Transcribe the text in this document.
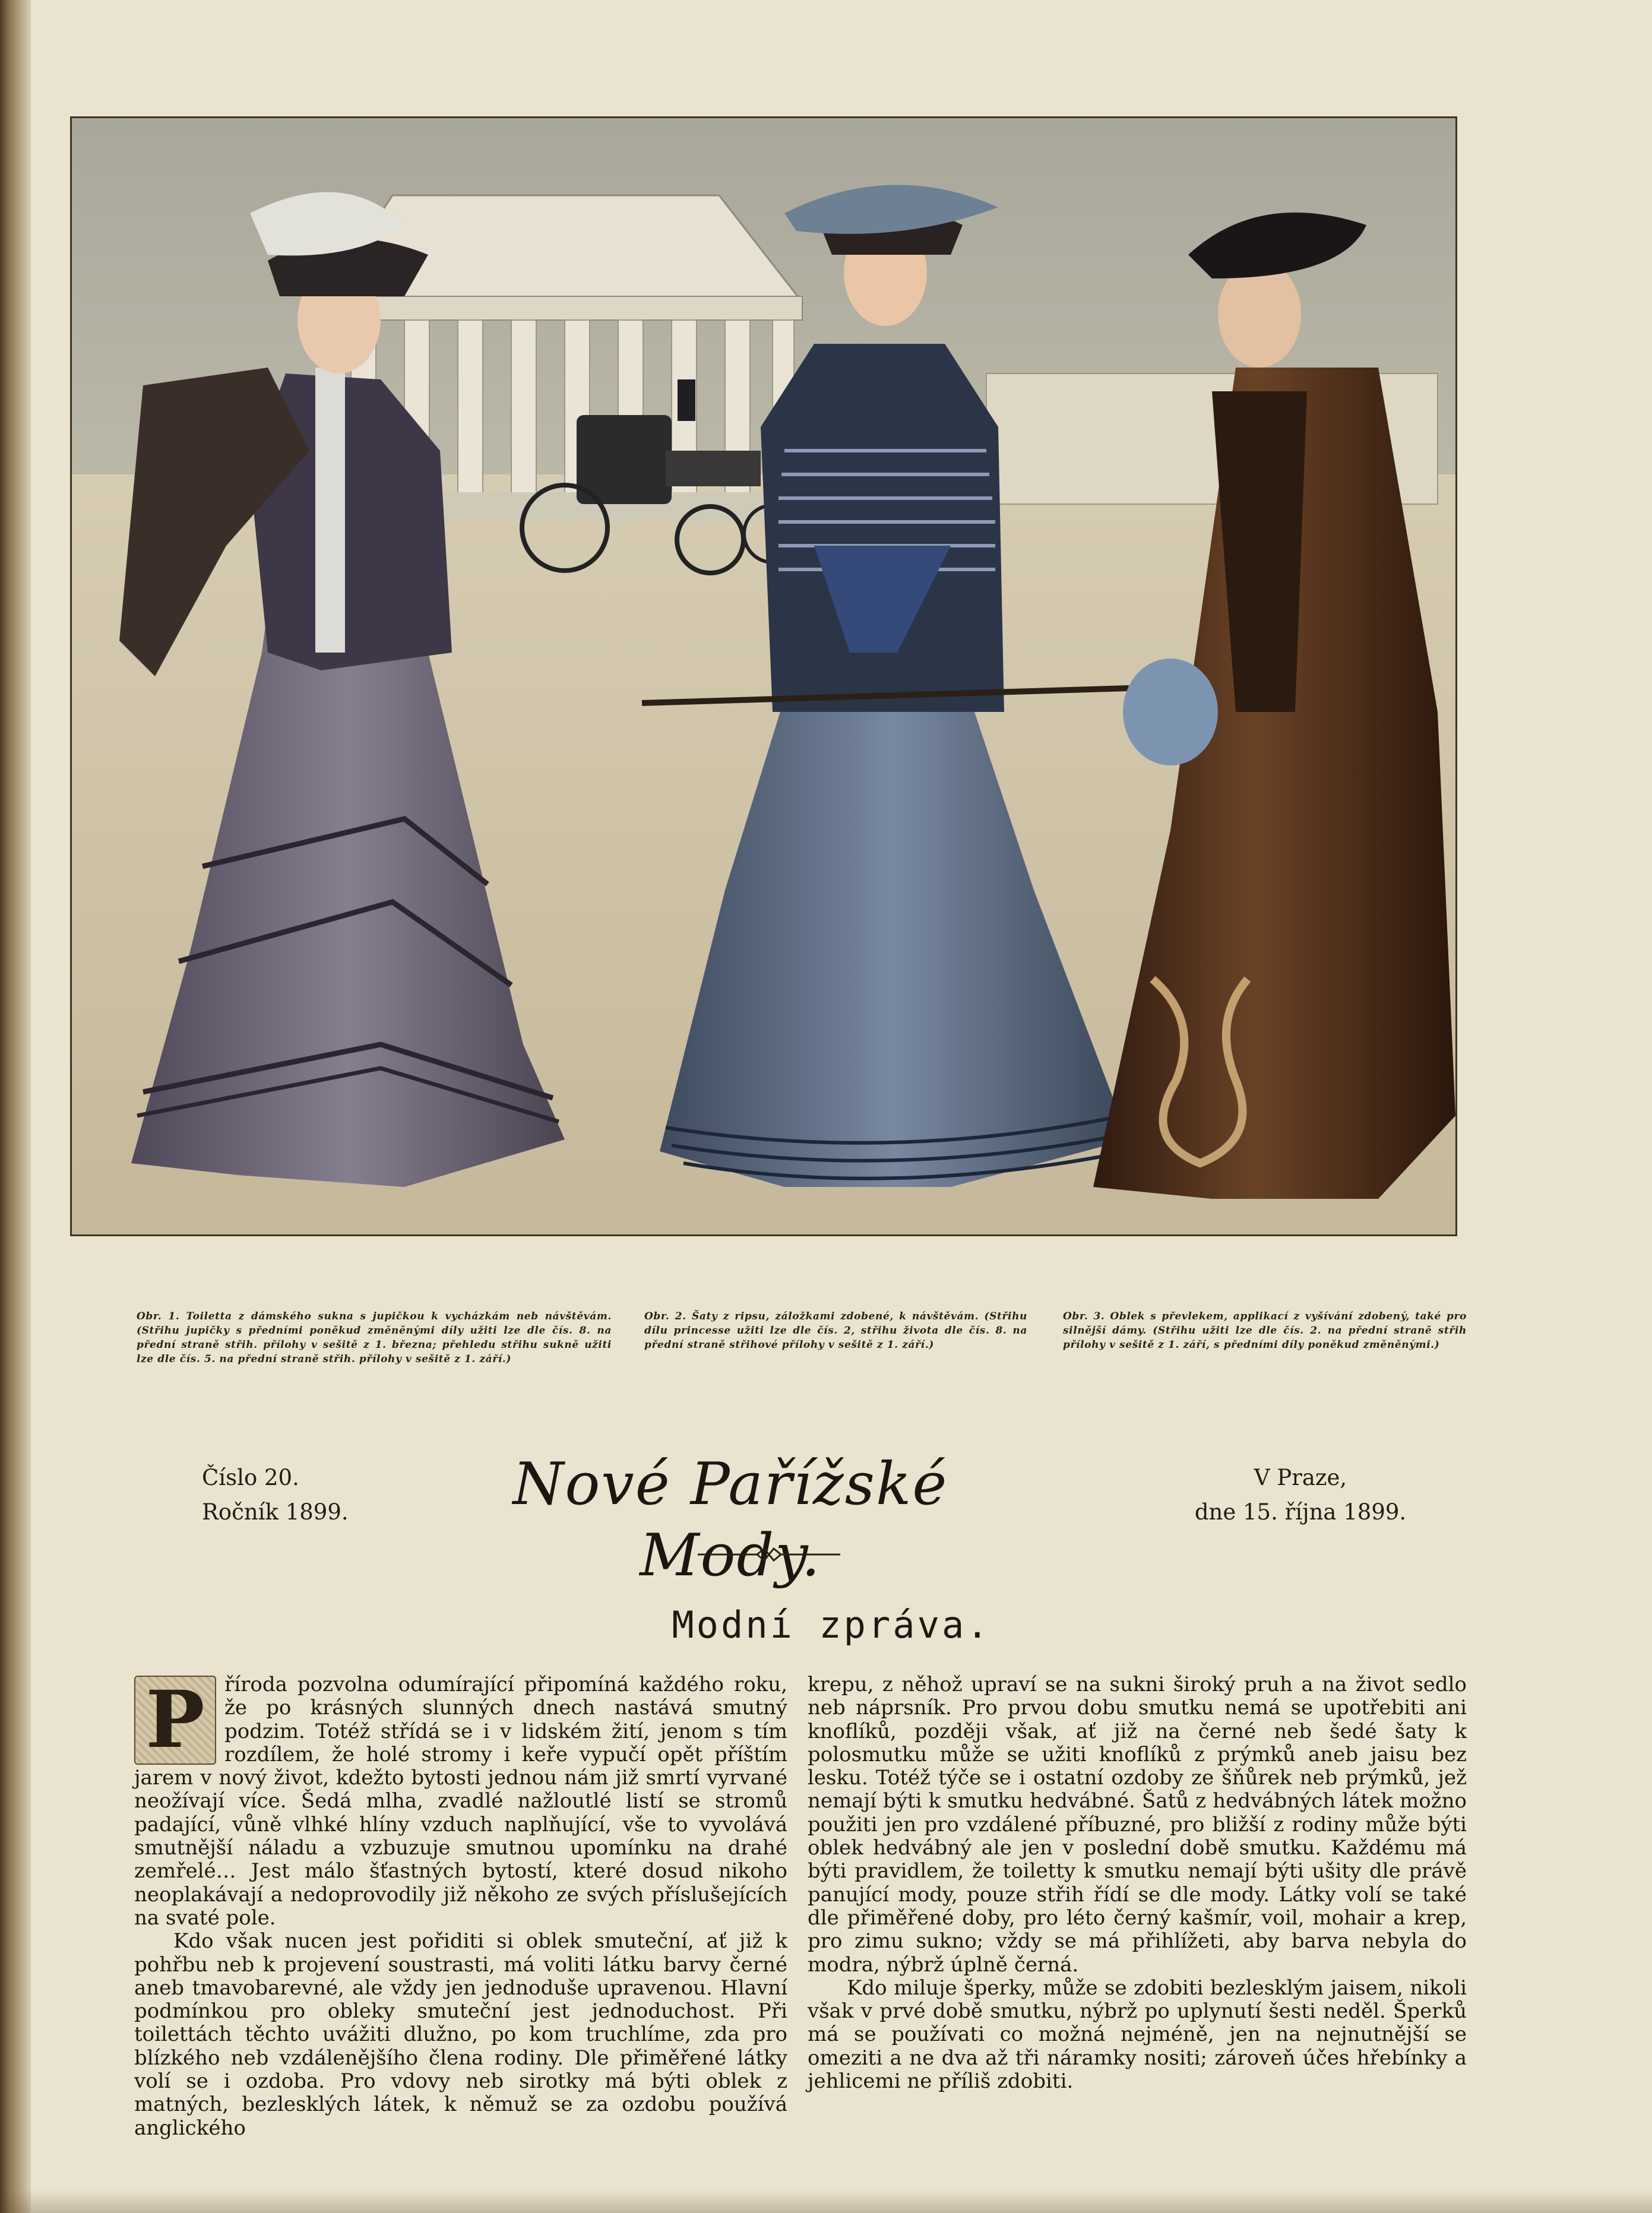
Obr. 1. Toiletta z dámského sukna s jupičkou k vycházkám neb návštěvám. (Střihu jupičky s předními poněkud změněnými díly užiti lze dle čís. 8. na přední straně střih. přílohy v sešitě z 1. března; přehledu střihu sukně užiti lze dle čís. 5. na přední straně střih. přílohy v sešitě z 1. září.)
Obr. 2. Šaty z ripsu, záložkami zdobené, k návštěvám. (Střihu dílu princesse užiti lze dle čís. 2, střihu života dle čís. 8. na přední straně střihové přílohy v sešitě z 1. září.)
Obr. 3. Oblek s převlekem, applikací z vyšívání zdobený, také pro silnější dámy. (Střihu užiti lze dle čís. 2. na přední straně střih přílohy v sešitě z 1. září, s předními díly poněkud změněnými.)
Číslo 20.
Ročník 1899.	Nové Pařížské Mody.
V Praze,
dne 15. října 1899.
Modní zpráva.

P říroda pozvolna odumírající připomíná každého roku, že po krásných slunných dnech nastává smutný podzim. Totéž střídá se i v lidském žití, jenom s tím rozdílem, že holé stromy i keře vypučí opět příštím jarem v nový život, kdežto bytosti jednou nám již smrtí vyrvané neožívají více. Šedá mlha, zvadlé nažloutlé listí se stromů padající, vůně vlhké hlíny vzduch naplňující, vše to vyvolává smutnější náladu a vzbuzuje smutnou upomínku na drahé zemřelé… Jest málo šťastných bytostí, které dosud nikoho neoplakávají a nedoprovodily již někoho ze svých příslušejících na svaté pole.

Kdo však nucen jest pořiditi si oblek smuteční, ať již k pohřbu neb k projevení soustrasti, má voliti látku barvy černé aneb tmavobarevné, ale vždy jen jednoduše upravenou. Hlavní podmínkou pro obleky smuteční jest jednoduchost. Při toilettách těchto uvážiti dlužno, po kom truchlíme, zda pro blízkého neb vzdálenějšího člena rodiny. Dle přiměřené látky volí se i ozdoba. Pro vdovy neb sirotky má býti oblek z matných, bezlesklých látek, k němuž se za ozdobu používá anglického

krepu, z něhož upraví se na sukni široký pruh a na život sedlo neb náprsník. Pro prvou dobu smutku nemá se upotřebiti ani knoflíků, později však, ať již na černé neb šedé šaty k polosmutku může se užiti knoflíků z prýmků aneb jaisu bez lesku. Totéž týče se i ostatní ozdoby ze šňůrek neb prýmků, jež nemají býti k smutku hedvábné. Šatů z hedvábných látek možno použiti jen pro vzdálené příbuzné, pro bližší z rodiny může býti oblek hedvábný ale jen v poslední době smutku. Každému má býti pravidlem, že toiletty k smutku nemají býti ušity dle právě panující mody, pouze střih řídí se dle mody. Látky volí se také dle přiměřené doby, pro léto černý kašmír, voil, mohair a krep, pro zimu sukno; vždy se má přihlížeti, aby barva nebyla do modra, nýbrž úplně černá.

Kdo miluje šperky, může se zdobiti bezlesklým jaisem, nikoli však v prvé době smutku, nýbrž po uplynutí šesti neděl. Šperků má se používati co možná nejméně, jen na nejnutnější se omeziti a ne dva až tři náramky nositi; zároveň účes hřebínky a jehlicemi ne příliš zdobiti.
